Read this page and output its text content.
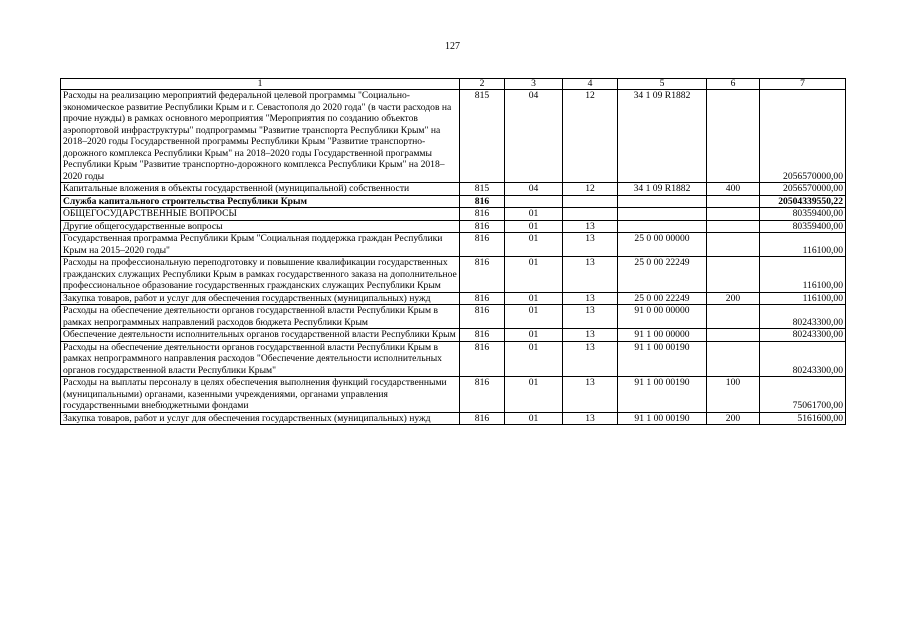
127
1	2	3	4	5	6	7
Расходы на реализацию мероприятий федеральной целевой программы "Социально-экономическое развитие Республики Крым и г. Севастополя до 2020 года" (в части расходов на прочие нужды) в рамках основного мероприятия "Мероприятия по созданию объектов аэропортовой инфраструктуры" подпрограммы "Развитие транспорта Республики Крым" на 2018–2020 годы Государственной программы Республики Крым "Развитие транспортно-дорожного комплекса Республики Крым" на 2018–2020 годы Государственной программы Республики Крым "Развитие транспортно-дорожного комплекса Республики Крым" на 2018–2020 годы	815	04	12	34 1 09 R1882		2056570000,00
Капитальные вложения в объекты государственной (муниципальной) собственности	815	04	12	34 1 09 R1882	400	2056570000,00
Служба капитального строительства Республики Крым	816					20504339550,22
ОБЩЕГОСУДАРСТВЕННЫЕ ВОПРОСЫ	816	01				80359400,00
Другие общегосударственные вопросы	816	01	13			80359400,00
Государственная программа Республики Крым "Социальная поддержка граждан Республики Крым на 2015–2020 годы"	816	01	13	25 0 00 00000		116100,00
Расходы на профессиональную переподготовку и повышение квалификации государственных гражданских служащих Республики Крым в рамках государственного заказа на дополнительное профессиональное образование государственных гражданских служащих Республики Крым	816	01	13	25 0 00 22249		116100,00
Закупка товаров, работ и услуг для обеспечения государственных (муниципальных) нужд	816	01	13	25 0 00 22249	200	116100,00
Расходы на обеспечение деятельности органов государственной власти Республики Крым в рамках непрограммных направлений расходов бюджета Республики Крым	816	01	13	91 0 00 00000		80243300,00
Обеспечение деятельности исполнительных органов государственной власти Республики Крым	816	01	13	91 1 00 00000		80243300,00
Расходы на обеспечение деятельности органов государственной власти Республики Крым в рамках непрограммного направления расходов "Обеспечение деятельности исполнительных органов государственной власти Республики Крым"	816	01	13	91 1 00 00190		80243300,00
Расходы на выплаты персоналу в целях обеспечения выполнения функций государственными (муниципальными) органами, казенными учреждениями, органами управления государственными внебюджетными фондами	816	01	13	91 1 00 00190	100	75061700,00
Закупка товаров, работ и услуг для обеспечения государственных (муниципальных) нужд	816	01	13	91 1 00 00190	200	5161600,00
